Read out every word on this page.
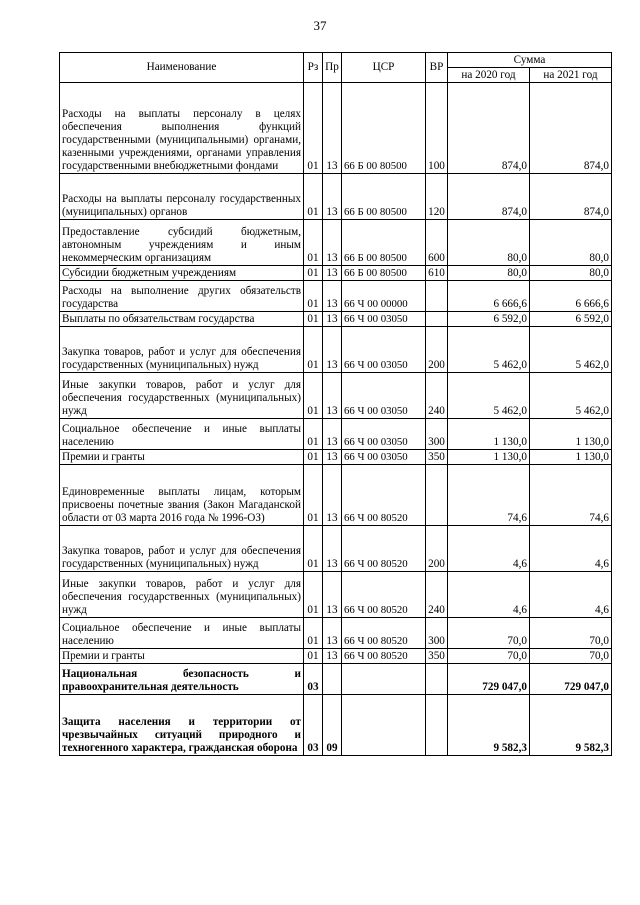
37
Наименование	Рз	Пр	ЦСР	ВР	Сумма	
					на 2020 год	на 2021 год
Расходы на выплаты персоналу в целях обеспечения выполнения функций государственными (муниципальными) органами, казенными учреждениями, органами управления государственными внебюджетными фондами	01	13	66 Б 00 80500	100	874,0	874,0
Расходы на выплаты персоналу государственных (муниципальных) органов	01	13	66 Б 00 80500	120	874,0	874,0
Предоставление субсидий бюджетным, автономным учреждениям и иным некоммерческим организациям	01	13	66 Б 00 80500	600	80,0	80,0
Субсидии бюджетным учреждениям	01	13	66 Б 00 80500	610	80,0	80,0
Расходы на выполнение других обязательств государства	01	13	66 Ч 00 00000		6 666,6	6 666,6
Выплаты по обязательствам государства	01	13	66 Ч 00 03050		6 592,0	6 592,0
Закупка товаров, работ и услуг для обеспечения государственных (муниципальных) нужд	01	13	66 Ч 00 03050	200	5 462,0	5 462,0
Иные закупки товаров, работ и услуг для обеспечения государственных (муниципальных) нужд	01	13	66 Ч 00 03050	240	5 462,0	5 462,0
Социальное обеспечение и иные выплаты населению	01	13	66 Ч 00 03050	300	1 130,0	1 130,0
Премии и гранты	01	13	66 Ч 00 03050	350	1 130,0	1 130,0
Единовременные выплаты лицам, которым присвоены почетные звания (Закон Магаданской области от 03 марта 2016 года № 1996-ОЗ)	01	13	66 Ч 00 80520		74,6	74,6
Закупка товаров, работ и услуг для обеспечения государственных (муниципальных) нужд	01	13	66 Ч 00 80520	200	4,6	4,6
Иные закупки товаров, работ и услуг для обеспечения государственных (муниципальных) нужд	01	13	66 Ч 00 80520	240	4,6	4,6
Социальное обеспечение и иные выплаты населению	01	13	66 Ч 00 80520	300	70,0	70,0
Премии и гранты	01	13	66 Ч 00 80520	350	70,0	70,0
Национальная безопасность и правоохранительная деятельность	03				729 047,0	729 047,0
Защита населения и территории от чрезвычайных ситуаций природного и техногенного характера, гражданская оборона	03	09			9 582,3	9 582,3
